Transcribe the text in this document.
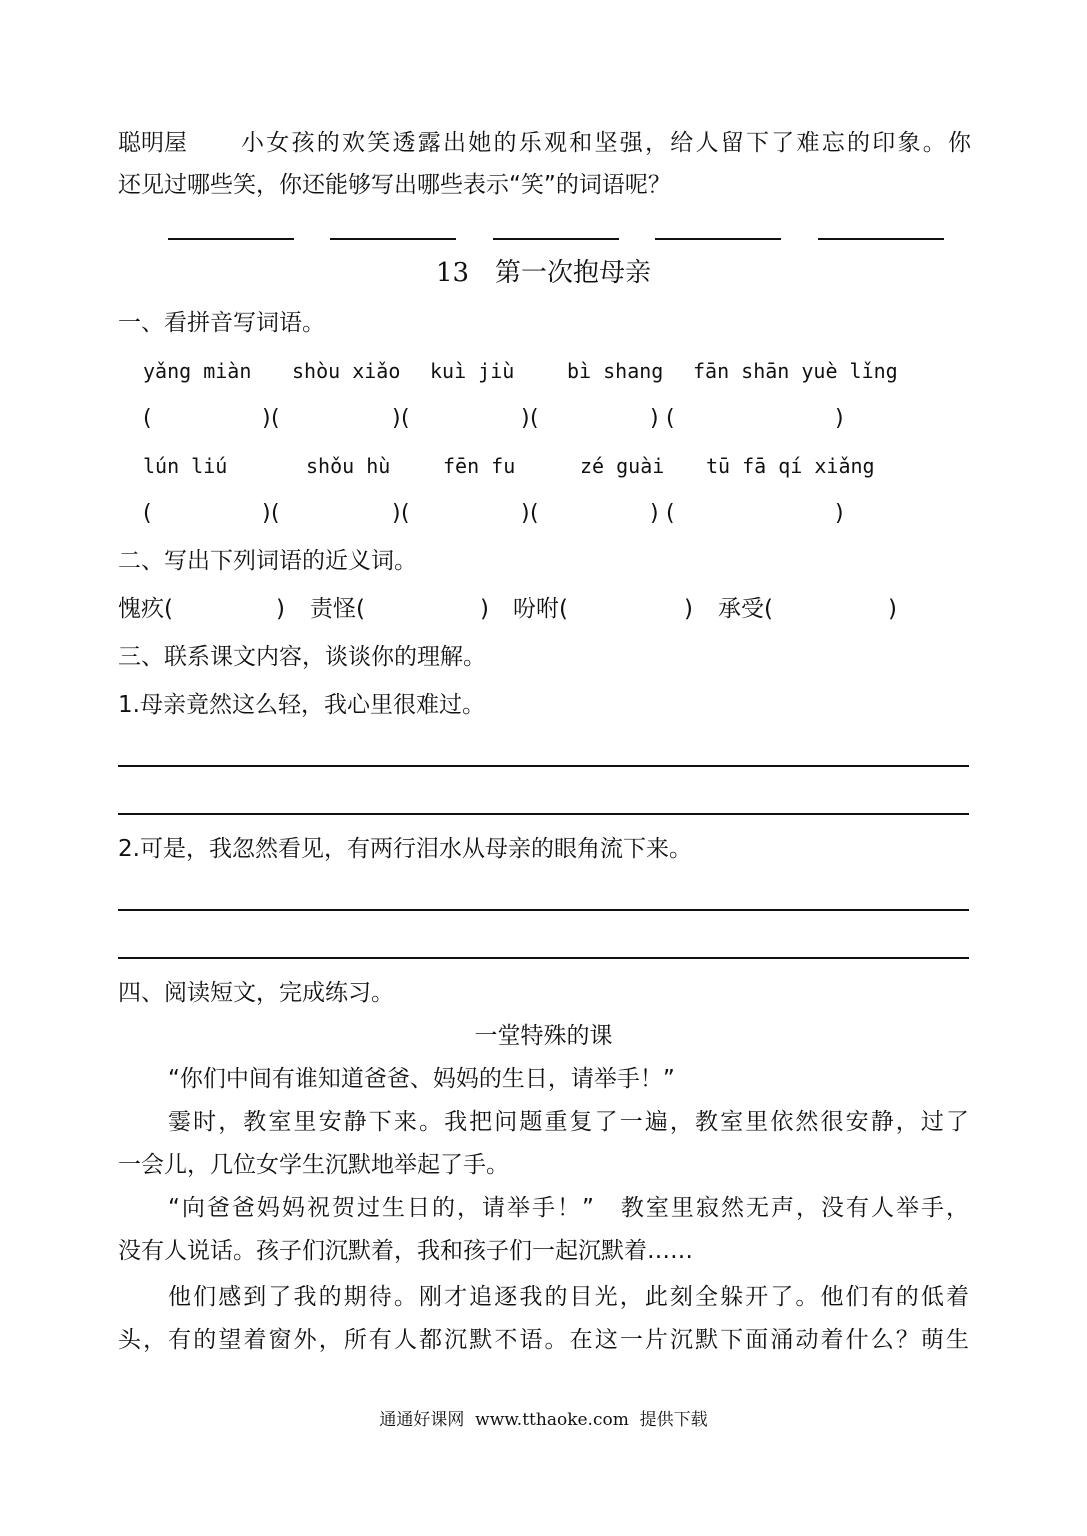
聪明屋 小女孩的欢笑透露出她的乐观和坚强，给人留下了难忘的印象。你
还见过哪些笑，你还能够写出哪些表示“笑”的词语呢？
13　第一次抱母亲
一、看拼音写词语。
yǎng miàn shòu xiǎo kuì jiù	bì shang fān shān yuè lǐng
(	) (	) (	) (	) (	)
lún liú	shǒu hù	fēn fu	zé guài tū fā qí xiǎng
(	) (	) (	) (	) (	)
二、写出下列词语的近义词。
愧疚(	) 责怪(	) 吩咐(	) 承受(	)
三、联系课文内容，谈谈你的理解。
1.母亲竟然这么轻，我心里很难过。
2.可是，我忽然看见，有两行泪水从母亲的眼角流下来。
四、阅读短文，完成练习。
一堂特殊的课
“你们中间有谁知道爸爸、妈妈的生日，请举手！”
霎时，教室里安静下来。我把问题重复了一遍，教室里依然很安静，过了
一会儿，几位女学生沉默地举起了手。
“向爸爸妈妈祝贺过生日的，请举手！”　教室里寂然无声，没有人举手，
没有人说话。孩子们沉默着，我和孩子们一起沉默着……
他们感到了我的期待。刚才追逐我的目光，此刻全躲开了。他们有的低着
头，有的望着窗外，所有人都沉默不语。在这一片沉默下面涌动着什么？萌生
通通好课网  www.tthaoke.com  提供下载
